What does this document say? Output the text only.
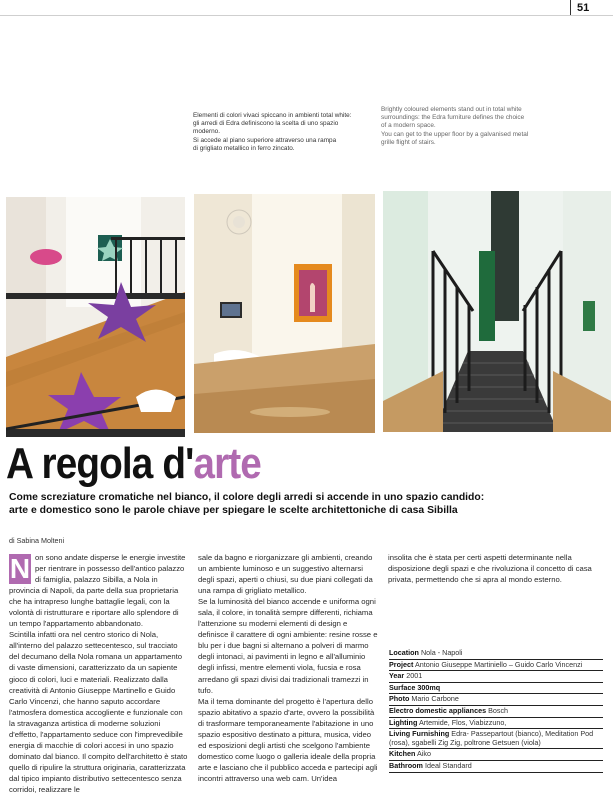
51

Elementi di colori vivaci spiccano in ambienti total white:

gli arredi di Edra definiscono la scelta di uno spazio

moderno.

Si accede al piano superiore attraverso una rampa

di grigliato metallico in ferro zincato.

Brightly coloured elements stand out in total white

surroundings: the Edra furniture defines the choice

of a modern space.

You can get to the upper floor by a galvanised metal

grille flight of stairs.

A regola d'arte
Come screziature cromatiche nel bianco, il colore degli arredi si accende in uno spazio candido:
arte e domestico sono le parole chiave per spiegare le scelte architettoniche di casa Sibilla
di Sabina Molteni
N on sono andate disperse le energie investite per rientrare in possesso dell'antico palazzo di famiglia, palazzo Sibilla, a Nola in provincia di Napoli, da parte della sua proprietaria che ha intrapreso lunghe battaglie legali, con la volontà di ristrutturare e riportare allo splendore di un tempo l'appartamento abbandonato.

Scintilla infatti ora nel centro storico di Nola, all'interno del palazzo settecentesco, sul tracciato del decumano della Nola romana un appartamento di vaste dimensioni, caratterizzato da un sapiente gioco di colori, luci e materiali. Realizzato dalla creatività di Antonio Giuseppe Martinello e Guido Carlo Vincenzi, che hanno saputo accordare l'atmosfera domestica accogliente e funzionale con la stravaganza artistica di moderne soluzioni d'effetto, l'appartamento seduce con l'imprevedibile energia di macchie di colori accesi in uno spazio dominato dal bianco. Il compito dell'architetto è stato quello di ripulire la struttura originaria, caratterizzata dal tipico impianto distributivo settecentesco senza corridoi, realizzare le

sale da bagno e riorganizzare gli ambienti, creando un ambiente luminoso e un suggestivo alternarsi degli spazi, aperti o chiusi, su due piani collegati da una rampa di grigliato metallico.

Se la luminosità del bianco accende e uniforma ogni sala, il colore, in tonalità sempre differenti, richiama l'attenzione su moderni elementi di design e definisce il carattere di ogni ambiente: resine rosse e blu per i due bagni si alternano a polveri di marmo degli intonaci, ai pavimenti in legno e all'alluminio degli infissi, mentre elementi viola, fucsia e rosa arredano gli spazi divisi dai tradizionali tramezzi in tufo.

Ma il tema dominante del progetto è l'apertura dello spazio abitativo a spazio d'arte, ovvero la possibilità di trasformare temporaneamente l'abitazione in uno spazio espositivo destinato a pittura, musica, video ed esposizioni degli artisti che scelgono l'ambiente domestico come luogo o galleria ideale della propria arte e lasciano che il pubblico acceda e partecipi agli incontri attraverso una web cam. Un'idea

insolita che è stata per certi aspetti determinante nella disposizione degli spazi e che rivoluziona il concetto di casa privata, permettendo che si apra al mondo esterno.

Location Nola - Napoli
Project Antonio Giuseppe Martiniello – Guido Carlo Vincenzi
Year 2001
Surface 300mq
Photo Mario Carbone
Electro domestic appliances Bosch
Lighting Artemide, Flos, Viabizzuno,
Living Furnishing Edra- Passepartout (bianco), Meditation Pod (rosa), sgabelli Zig Zig, poltrone Getsuen (viola)
Kitchen Aiko
Bathroom Ideal Standard
